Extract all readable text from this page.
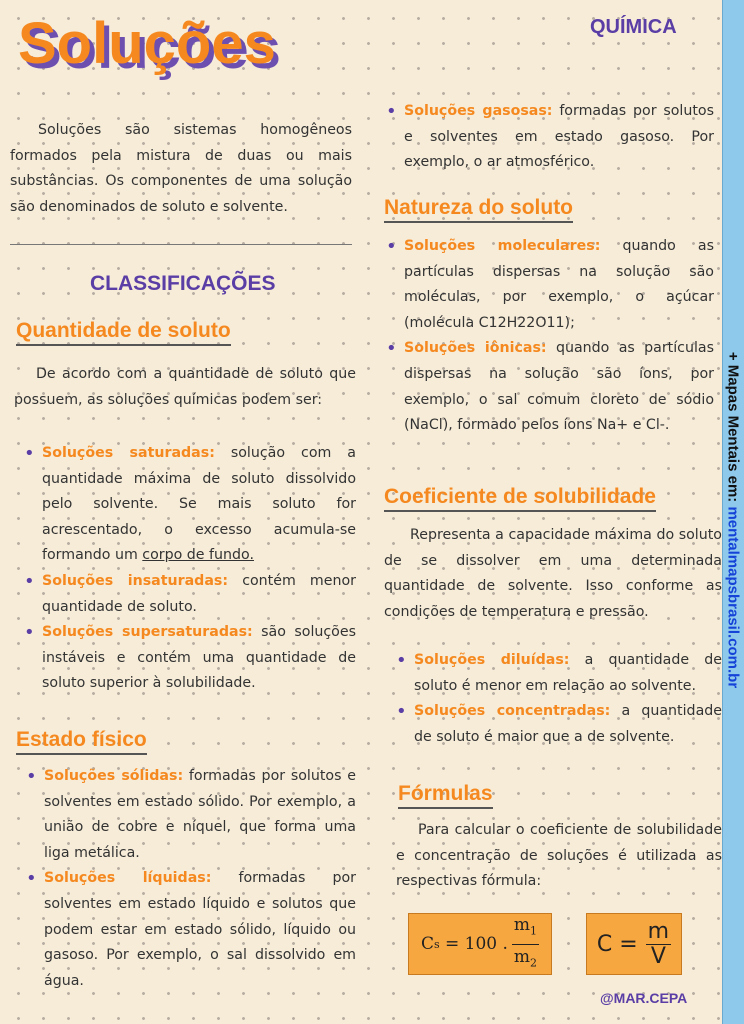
Soluções	QUÍMICA

Soluções são sistemas homogêneos formados pela mistura de duas ou mais substâncias. Os componentes de uma solução são denominados de soluto e solvente.

CLASSIFICAÇÕES
Quantidade de soluto

De acordo com a quantidade de soluto que possuem, as soluções químicas podem ser:

• Soluções saturadas: solução com a quantidade máxima de soluto dissolvido pelo solvente. Se mais soluto for acrescentado, o excesso acumula-se formando um corpo de fundo.
• Soluções insaturadas: contém menor quantidade de soluto.
• Soluções supersaturadas: são soluções instáveis e contém uma quantidade de soluto superior à solubilidade.
Estado físico
• Soluções sólidas: formadas por solutos e solventes em estado sólido. Por exemplo, a união de cobre e níquel, que forma uma liga metálica.
• Soluções líquidas: formadas por solventes em estado líquido e solutos que podem estar em estado sólido, líquido ou gasoso. Por exemplo, o sal dissolvido em água.
• Soluções gasosas: formadas por solutos e solventes em estado gasoso. Por exemplo, o ar atmosférico.
Natureza do soluto
• Soluções moleculares: quando as partículas dispersas na solução são moléculas, por exemplo, o açúcar (molécula C12H22O11);
• Soluções iônicas: quando as partículas dispersas na solução são íons, por exemplo, o sal comum cloreto de sódio (NaCl), formado pelos íons Na+ e Cl-.
Coeficiente de solubilidade

Representa a capacidade máxima do soluto de se dissolver em uma determinada quantidade de solvente. Isso conforme as condições de temperatura e pressão.

• Soluções diluídas: a quantidade de soluto é menor em relação ao solvente.
• Soluções concentradas: a quantidade de soluto é maior que a de solvente.
Fórmulas

Para calcular o coeficiente de solubilidade e concentração de soluções é utilizada as respectivas fórmula:

C s = 100 . $\frac{m_1}{m_2}$	$C = \frac{m}{V}$
@MAR.CEPA
+ Mapas Mentais em: mentalmapsbrasil.com.br
